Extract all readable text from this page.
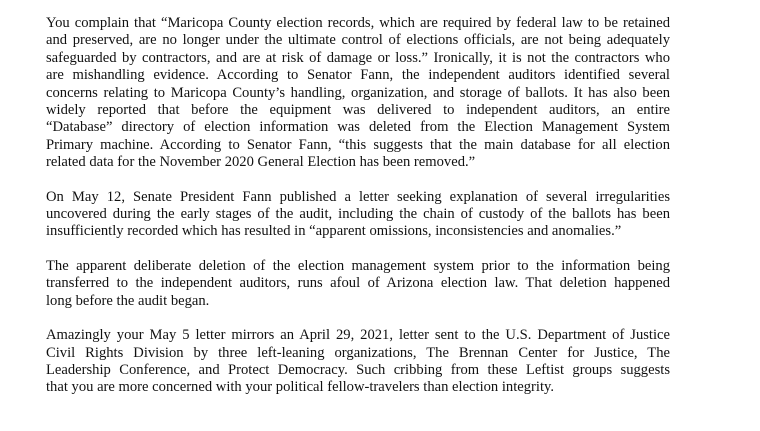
You complain that “Maricopa County election records, which are required by federal law to be retained
and preserved, are no longer under the ultimate control of elections officials, are not being adequately
safeguarded by contractors, and are at risk of damage or loss.” Ironically, it is not the contractors who
are mishandling evidence. According to Senator Fann, the independent auditors identified several
concerns relating to Maricopa County’s handling, organization, and storage of ballots. It has also been
widely reported that before the equipment was delivered to independent auditors, an entire
“Database” directory of election information was deleted from the Election Management System
Primary machine. According to Senator Fann, “this suggests that the main database for all election
related data for the November 2020 General Election has been removed.”

On May 12, Senate President Fann published a letter seeking explanation of several irregularities
uncovered during the early stages of the audit, including the chain of custody of the ballots has been
insufficiently recorded which has resulted in “apparent omissions, inconsistencies and anomalies.”

The apparent deliberate deletion of the election management system prior to the information being
transferred to the independent auditors, runs afoul of Arizona election law. That deletion happened
long before the audit began.

Amazingly your May 5 letter mirrors an April 29, 2021, letter sent to the U.S. Department of Justice
Civil Rights Division by three left-leaning organizations, The Brennan Center for Justice, The
Leadership Conference, and Protect Democracy. Such cribbing from these Leftist groups suggests
that you are more concerned with your political fellow-travelers than election integrity.
